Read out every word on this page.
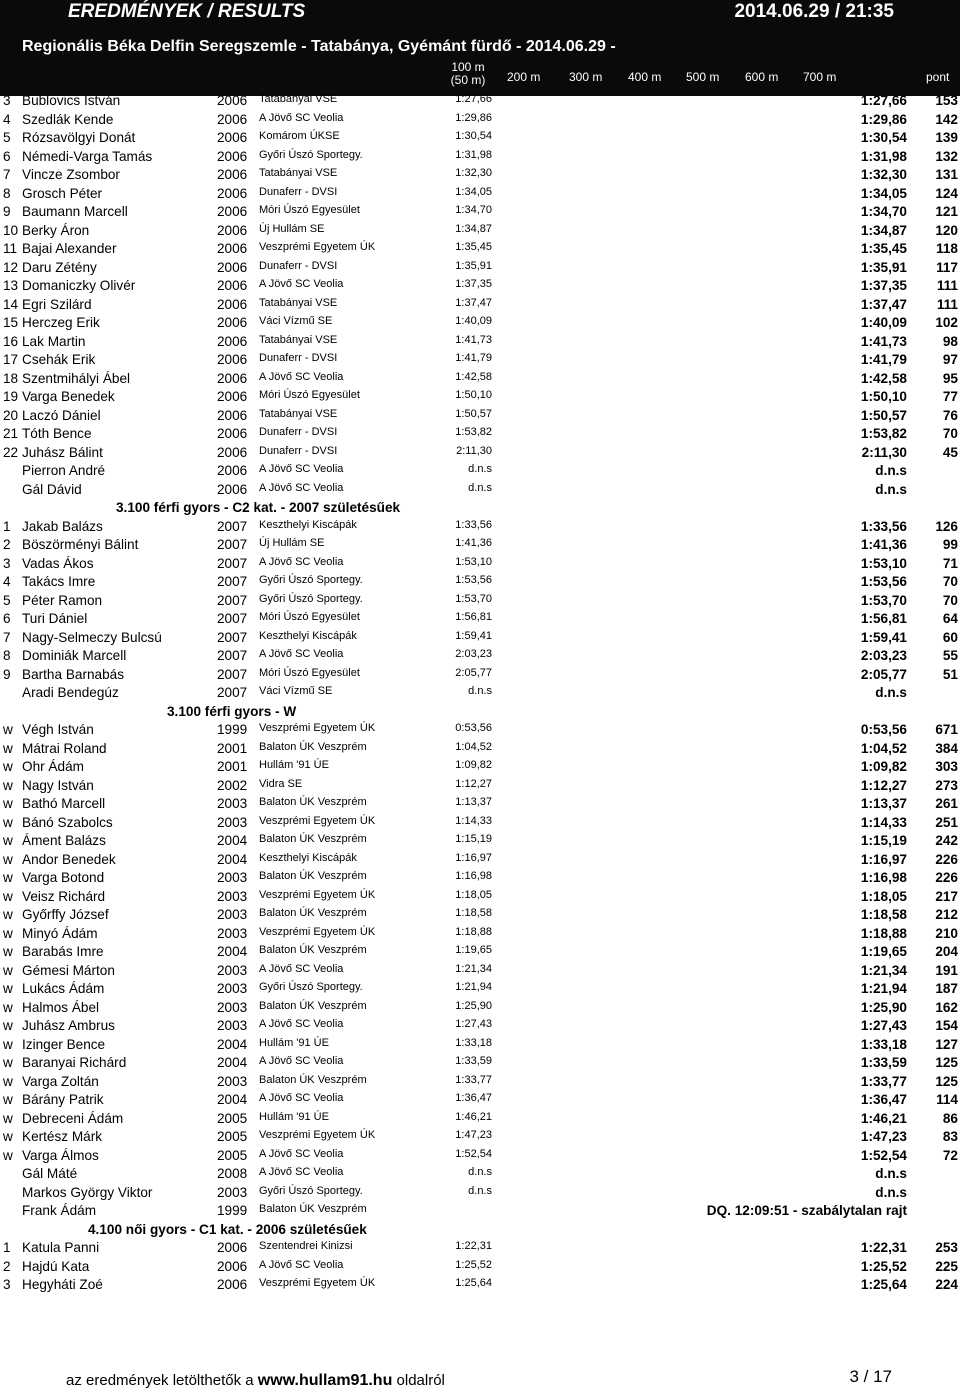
EREDMÉNYEK / RESULTS	2014.06.29 / 21:35
Regionális Béka Delfin Seregszemle - Tatabánya, Gyémánt fürdő - 2014.06.29 -
100 m
(50 m)	200 m 300 m 400 m 500 m 600 m 700 m	pont
3 Bublovics István	2006 Tatabányai VSE	1:27,66	1:27,66 153
4 Szedlák Kende	2006 A Jövő SC Veolia	1:29,86	1:29,86 142
5 Rózsavölgyi Donát	2006 Komárom ÚKSE	1:30,54	1:30,54 139
6 Némedi-Varga Tamás	2006 Győri Úszó Sportegy.	1:31,98	1:31,98 132
7 Vincze Zsombor	2006 Tatabányai VSE	1:32,30	1:32,30 131
8 Grosch Péter	2006 Dunaferr - DVSI	1:34,05	1:34,05 124
9 Baumann Marcell	2006 Móri Úszó Egyesület	1:34,70	1:34,70 121
10 Berky Áron	2006 Új Hullám SE	1:34,87	1:34,87 120
11 Bajai Alexander	2006 Veszprémi Egyetem ÚK	1:35,45	1:35,45 118
12 Daru Zétény	2006 Dunaferr - DVSI	1:35,91	1:35,91 117
13 Domaniczky Olivér	2006 A Jövő SC Veolia	1:37,35	1:37,35 111
14 Egri Szilárd	2006 Tatabányai VSE	1:37,47	1:37,47 111
15 Herczeg Erik	2006 Váci Vízmű SE	1:40,09	1:40,09 102
16 Lak Martin	2006 Tatabányai VSE	1:41,73	1:41,73	98
17 Csehák Erik	2006 Dunaferr - DVSI	1:41,79	1:41,79	97
18 Szentmihályi Ábel	2006 A Jövő SC Veolia	1:42,58	1:42,58	95
19 Varga Benedek	2006 Móri Úszó Egyesület	1:50,10	1:50,10	77
20 Laczó Dániel	2006 Tatabányai VSE	1:50,57	1:50,57	76
21 Tóth Bence	2006 Dunaferr - DVSI	1:53,82	1:53,82	70
22 Juhász Bálint	2006 Dunaferr - DVSI	2:11,30	2:11,30	45
Pierron André	2006 A Jövő SC Veolia	d.n.s	d.n.s
Gál Dávid	2006 A Jövő SC Veolia	d.n.s	d.n.s
3.100 férfi gyors - C2 kat. - 2007 születésűek
1 Jakab Balázs	2007 Keszthelyi Kiscápák	1:33,56	1:33,56 126
2 Böszörményi Bálint	2007 Új Hullám SE	1:41,36	1:41,36	99
3 Vadas Ákos	2007 A Jövő SC Veolia	1:53,10	1:53,10	71
4 Takács Imre	2007 Győri Úszó Sportegy.	1:53,56	1:53,56	70
5 Péter Ramon	2007 Győri Úszó Sportegy.	1:53,70	1:53,70	70
6 Turi Dániel	2007 Móri Úszó Egyesület	1:56,81	1:56,81	64
7 Nagy-Selmeczy Bulcsú	2007 Keszthelyi Kiscápák	1:59,41	1:59,41	60
8 Dominiák Marcell	2007 A Jövő SC Veolia	2:03,23	2:03,23	55
9 Bartha Barnabás	2007 Móri Úszó Egyesület	2:05,77	2:05,77	51
Aradi Bendegúz	2007 Váci Vízmű SE	d.n.s	d.n.s
3.100 férfi gyors - W
w Végh István	1999 Veszprémi Egyetem ÚK	0:53,56	0:53,56 671
w Mátrai Roland	2001 Balaton ÚK Veszprém	1:04,52	1:04,52 384
w Ohr Ádám	2001 Hullám '91 ÚE	1:09,82	1:09,82 303
w Nagy István	2002 Vidra SE	1:12,27	1:12,27 273
w Bathó Marcell	2003 Balaton ÚK Veszprém	1:13,37	1:13,37 261
w Bánó Szabolcs	2003 Veszprémi Egyetem ÚK	1:14,33	1:14,33 251
w Áment Balázs	2004 Balaton ÚK Veszprém	1:15,19	1:15,19 242
w Andor Benedek	2004 Keszthelyi Kiscápák	1:16,97	1:16,97 226
w Varga Botond	2003 Balaton ÚK Veszprém	1:16,98	1:16,98 226
w Veisz Richárd	2003 Veszprémi Egyetem ÚK	1:18,05	1:18,05 217
w Győrffy József	2003 Balaton ÚK Veszprém	1:18,58	1:18,58 212
w Minyó Ádám	2003 Veszprémi Egyetem ÚK	1:18,88	1:18,88 210
w Barabás Imre	2004 Balaton ÚK Veszprém	1:19,65	1:19,65 204
w Gémesi Márton	2003 A Jövő SC Veolia	1:21,34	1:21,34 191
w Lukács Ádám	2003 Győri Úszó Sportegy.	1:21,94	1:21,94 187
w Halmos Ábel	2003 Balaton ÚK Veszprém	1:25,90	1:25,90 162
w Juhász Ambrus	2003 A Jövő SC Veolia	1:27,43	1:27,43 154
w Izinger Bence	2004 Hullám '91 ÚE	1:33,18	1:33,18 127
w Baranyai Richárd	2004 A Jövő SC Veolia	1:33,59	1:33,59 125
w Varga Zoltán	2003 Balaton ÚK Veszprém	1:33,77	1:33,77 125
w Bárány Patrik	2004 A Jövő SC Veolia	1:36,47	1:36,47 114
w Debreceni Ádám	2005 Hullám '91 ÚE	1:46,21	1:46,21	86
w Kertész Márk	2005 Veszprémi Egyetem ÚK	1:47,23	1:47,23	83
w Varga Álmos	2005 A Jövő SC Veolia	1:52,54	1:52,54	72
Gál Máté	2008 A Jövő SC Veolia	d.n.s	d.n.s
Markos György Viktor	2003 Győri Úszó Sportegy.	d.n.s	d.n.s
Frank Ádám	1999 Balaton ÚK Veszprém	DQ. 12:09:51 - szabálytalan rajt
4.100 női gyors - C1 kat. - 2006 születésűek
1 Katula Panni	2006 Szentendrei Kinizsi	1:22,31	1:22,31 253
2 Hajdú Kata	2006 A Jövő SC Veolia	1:25,52	1:25,52 225
3 Hegyháti Zoé	2006 Veszprémi Egyetem ÚK	1:25,64	1:25,64 224
az eredmények letölthetők a www.hullam91.hu oldalról	3 / 17
